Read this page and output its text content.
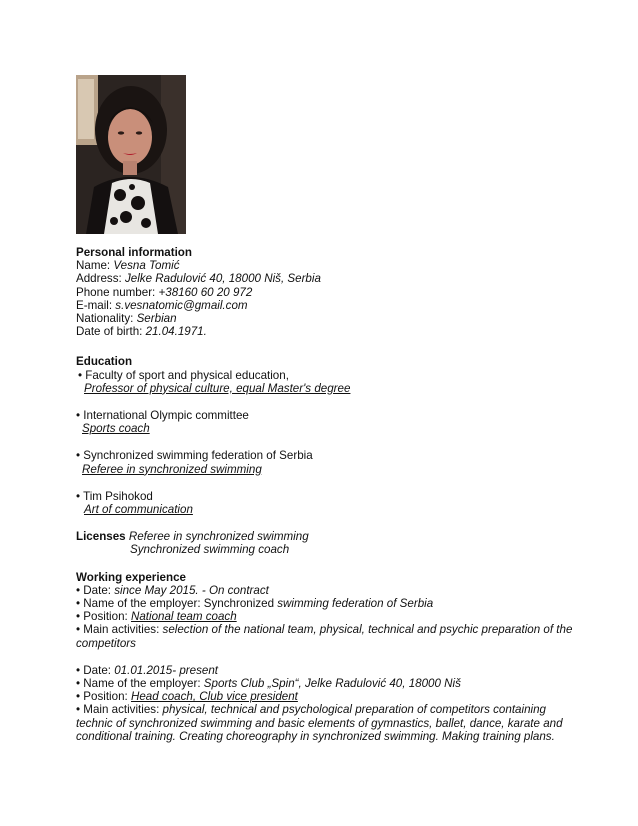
Personal information

Name: Vesna Tomić

Address: Jelke Radulović 40, 18000 Niš, Serbia

Phone number: +38160 60 20 972

E-mail: s.vesnatomic@gmail.com

Nationality: Serbian

Date of birth: 21.04.1971.

Education

• Faculty of sport and physical education,

Professor of physical culture, equal Master's degree

• International Olympic committee

Sports coach

• Synchronized swimming federation of Serbia

Referee in synchronized swimming

• Tim Psihokod

Art of communication

Licenses Referee in synchronized swimming

Synchronized swimming coach

Working experience

• Date: since May 2015. - On contract

• Name of the employer: Synchronized swimming federation of Serbia

• Position: National team coach

• Main activities: selection of the national team, physical, technical and psychic preparation of the competitors

• Date: 01.01.2015- present

• Name of the employer: Sports Club „Spin“, Jelke Radulović 40, 18000 Niš

• Position: Head coach, Club vice president

• Main activities: physical, technical and psychological preparation of competitors containing technic of synchronized swimming and basic elements of gymnastics, ballet, dance, karate and conditional training. Creating choreography in synchronized swimming. Making training plans.
